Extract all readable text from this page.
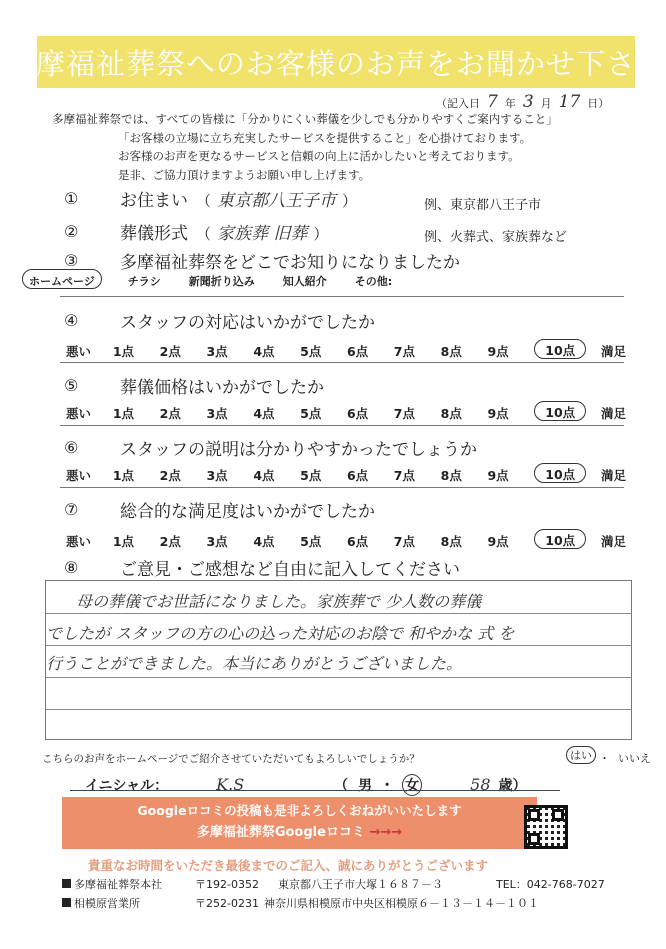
多摩福祉葬祭へのお客様のお声をお聞かせ下さい
（記入日 7 年 3 月 17 日）

多摩福祉葬祭では、すべての皆様に「分かりにくい葬儀を少しでも分かりやすくご案内すること」

「お客様の立場に立ち充実したサービスを提供すること」を心掛けております。

お客様のお声を更なるサービスと信頼の向上に活かしたいと考えております。

是非、ご協力頂けますようお願い申し上げます。

①	お住まい （ 東京都八王子市 ）	例、東京都八王子市
②	葬儀形式 （ 家族葬 旧葬 ）	例、火葬式、家族葬など
③	多摩福祉葬祭をどこでお知りになりましたか
ホームページ	チラシ	新聞折り込み	知人紹介	その他:
④	スタッフの対応はいかがでしたか
悪い	1点	2点	3点	4点	5点	6点	7点	8点	9点	10点	満足
⑤	葬儀価格はいかがでしたか
悪い	1点	2点	3点	4点	5点	6点	7点	8点	9点	10点	満足
⑥	スタッフの説明は分かりやすかったでしょうか
悪い	1点	2点	3点	4点	5点	6点	7点	8点	9点	10点	満足
⑦	総合的な満足度はいかがでしたか
悪い	1点	2点	3点	4点	5点	6点	7点	8点	9点	10点	満足
⑧	ご意見・ご感想など自由に記入してください
母の葬儀でお世話になりました。家族葬で 少人数の葬儀
でしたが スタッフの方の心の込った対応のお陰で 和やかな 式 を
行うことができました。本当にありがとうございました。
こちらのお声をホームページでご紹介させていただいてもよろしいでしょうか？	はい ・ いいえ
イニシャル：	K.S	（ 男 ・ 女	58 歳）
Googleロコミの投稿も是非よろしくおねがいいたします
多摩福祉葬祭Googleロコミ →→→
貴重なお時間をいただき最後までのご記入、誠にありがとうございます
多摩福祉葬祭本社	〒192-0352 東京都八王子市大塚１６８７－３	TEL：042-768-7027
相模原営業所	〒252-0231 神奈川県相模原市中央区相模原６－１３－１４－１０１
